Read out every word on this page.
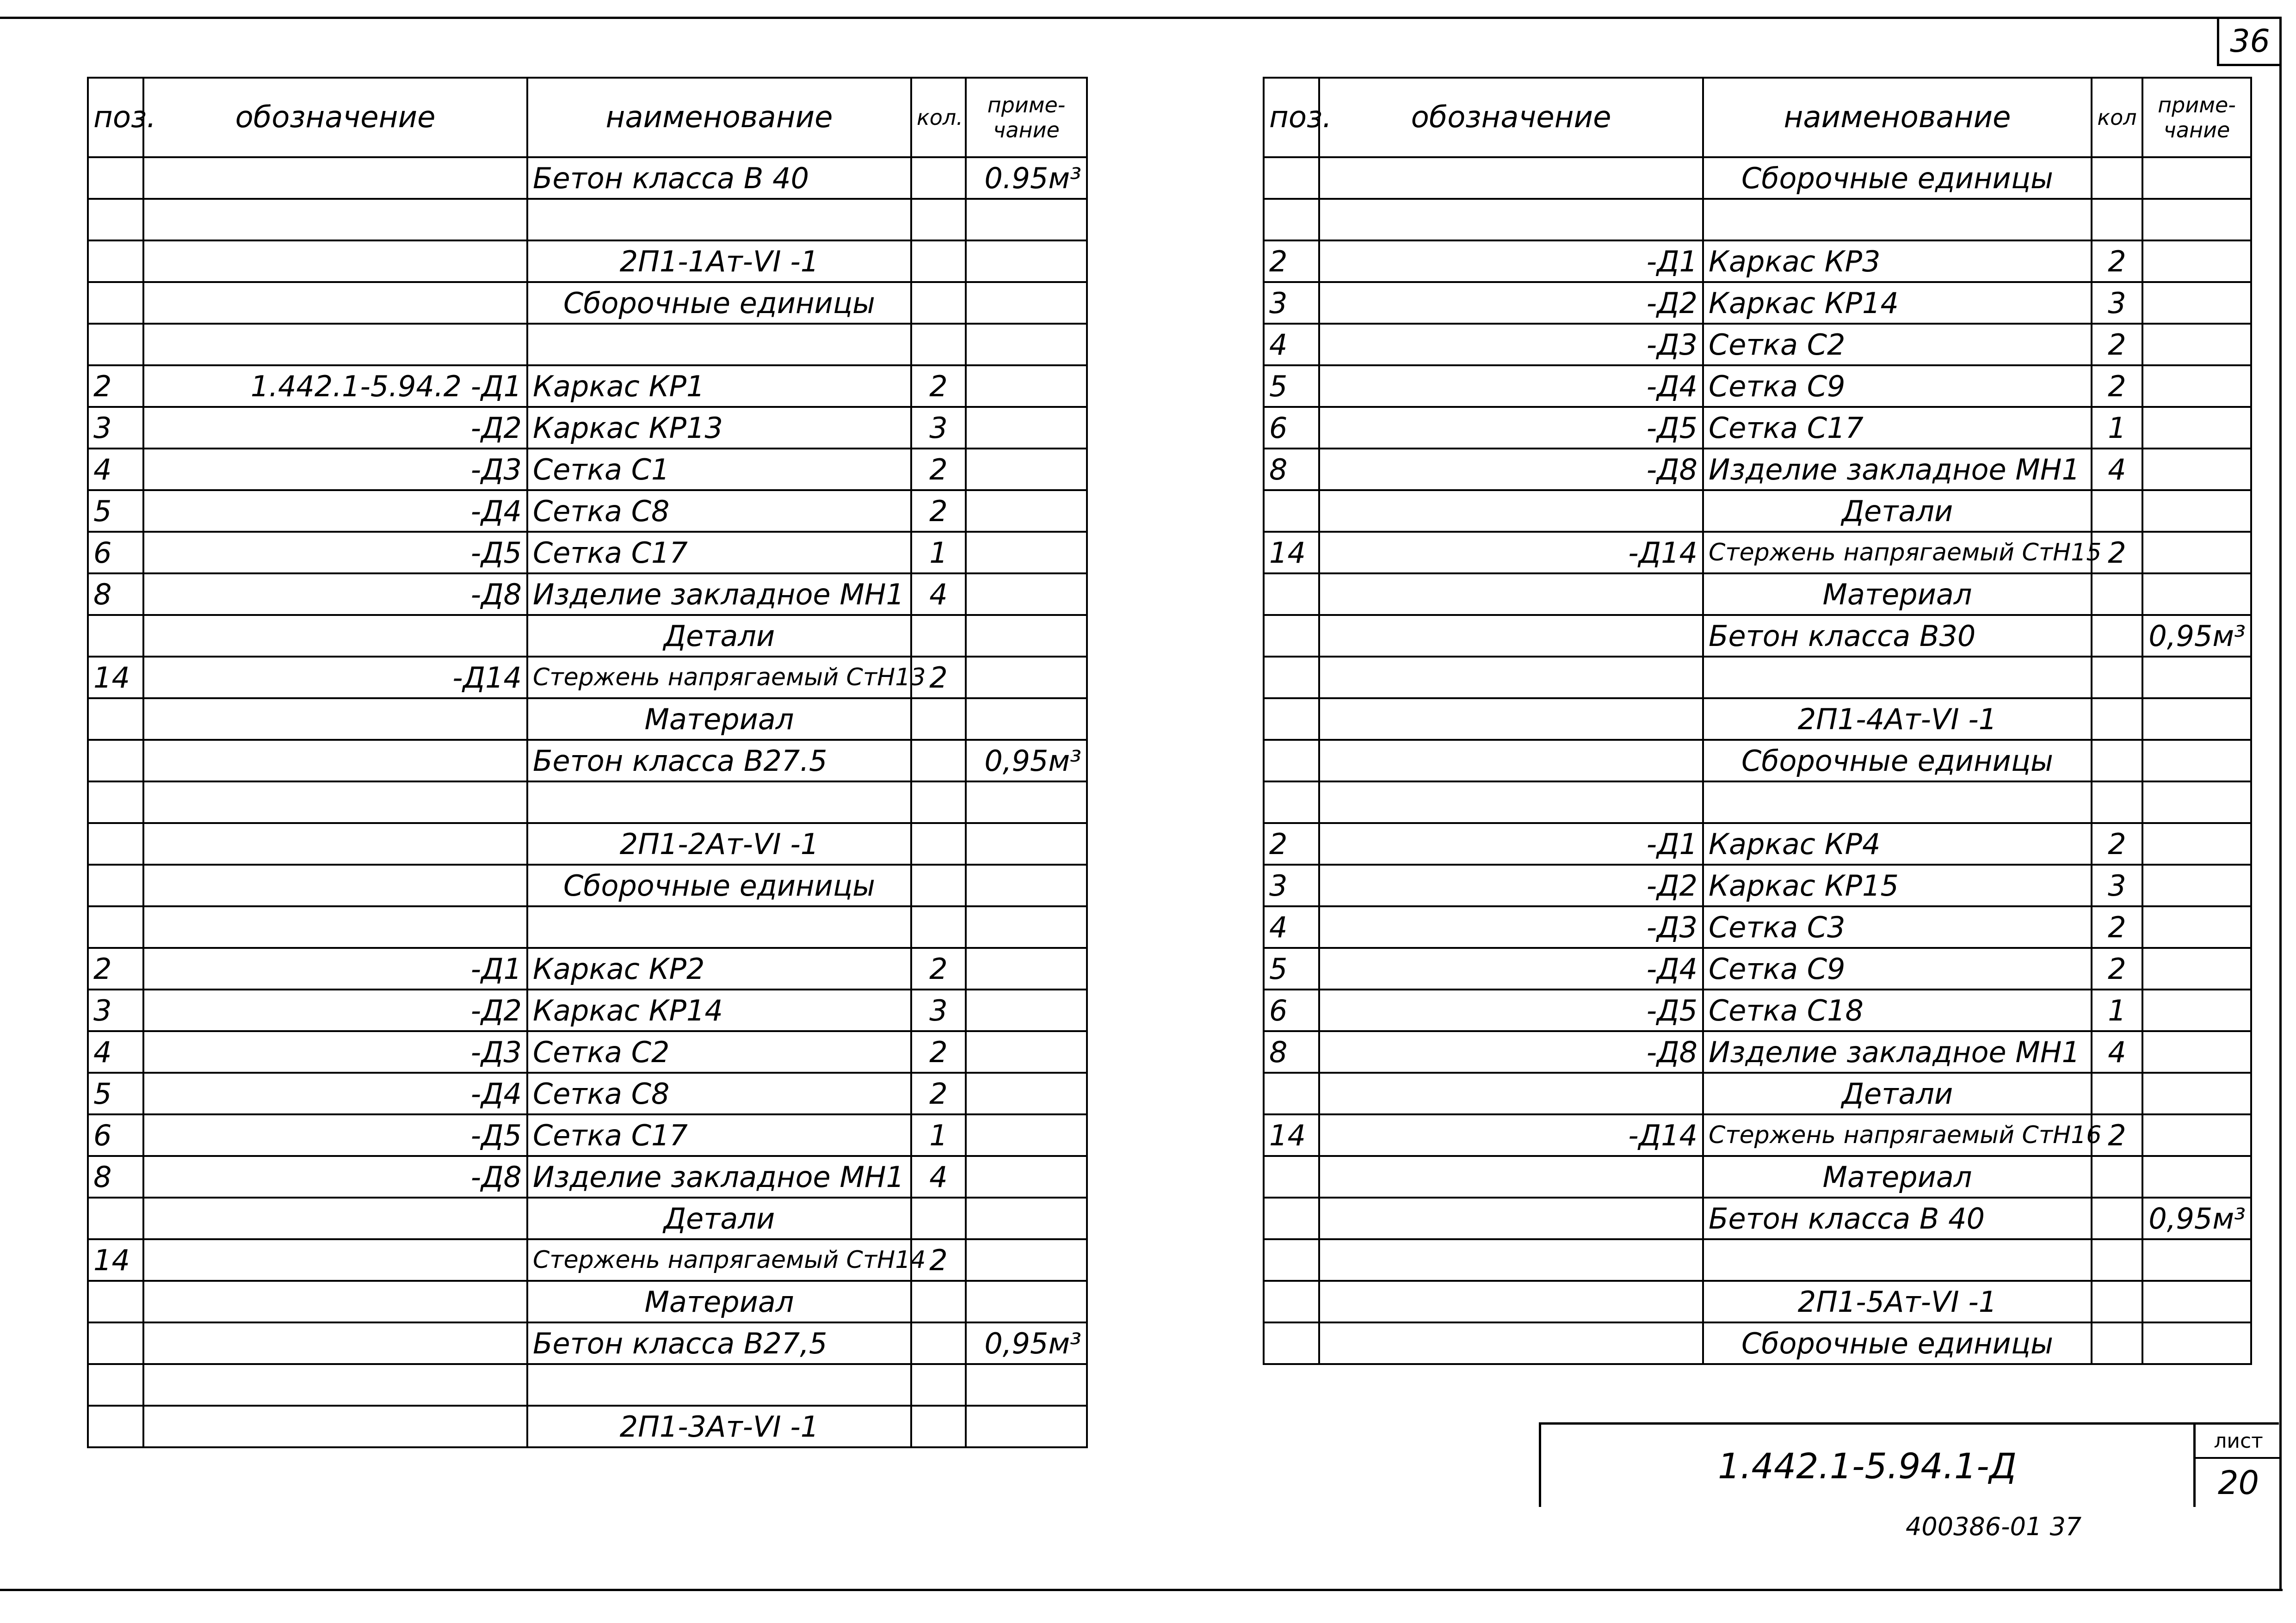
36
поз.	обозначение	наименование	кол.	приме-чание
		Бетон класса В 40		0.95м³

		2П1-1Ат-VI -1		
		Сборочные единицы		

2	1.442.1-5.94.2 -Д1	Каркас КР1	2	
3	-Д2	Каркас КР13	3	
4	-Д3	Сетка С1	2	
5	-Д4	Сетка С8	2	
6	-Д5	Сетка С17	1	
8	-Д8	Изделие закладное МН1	4	
		Детали		
14	-Д14	Стержень напрягаемый СтН13	2	
		Материал		
		Бетон класса В27.5		0,95м³

		2П1-2Ат-VI -1		
		Сборочные единицы		

2	-Д1	Каркас КР2	2	
3	-Д2	Каркас КР14	3	
4	-Д3	Сетка С2	2	
5	-Д4	Сетка С8	2	
6	-Д5	Сетка С17	1	
8	-Д8	Изделие закладное МН1	4	
		Детали		
14		Стержень напрягаемый СтН14	2	
		Материал		
		Бетон класса В27,5		0,95м³

		2П1-3Ат-VI -1		
поз.	обозначение	наименование	кол	приме-чание
		Сборочные единицы		

2	-Д1	Каркас КР3	2	
3	-Д2	Каркас КР14	3	
4	-Д3	Сетка С2	2	
5	-Д4	Сетка С9	2	
6	-Д5	Сетка С17	1	
8	-Д8	Изделие закладное МН1	4	
		Детали		
14	-Д14	Стержень напрягаемый СтН15	2	
		Материал		
		Бетон класса В30		0,95м³

		2П1-4Ат-VI -1		
		Сборочные единицы		

2	-Д1	Каркас КР4	2	
3	-Д2	Каркас КР15	3	
4	-Д3	Сетка С3	2	
5	-Д4	Сетка С9	2	
6	-Д5	Сетка С18	1	
8	-Д8	Изделие закладное МН1	4	
		Детали		
14	-Д14	Стержень напрягаемый СтН16	2	
		Материал		
		Бетон класса В 40		0,95м³

		2П1-5Ат-VI -1		
		Сборочные единицы		
1.442.1-5.94.1-Д
лист
20
400386-01 37
